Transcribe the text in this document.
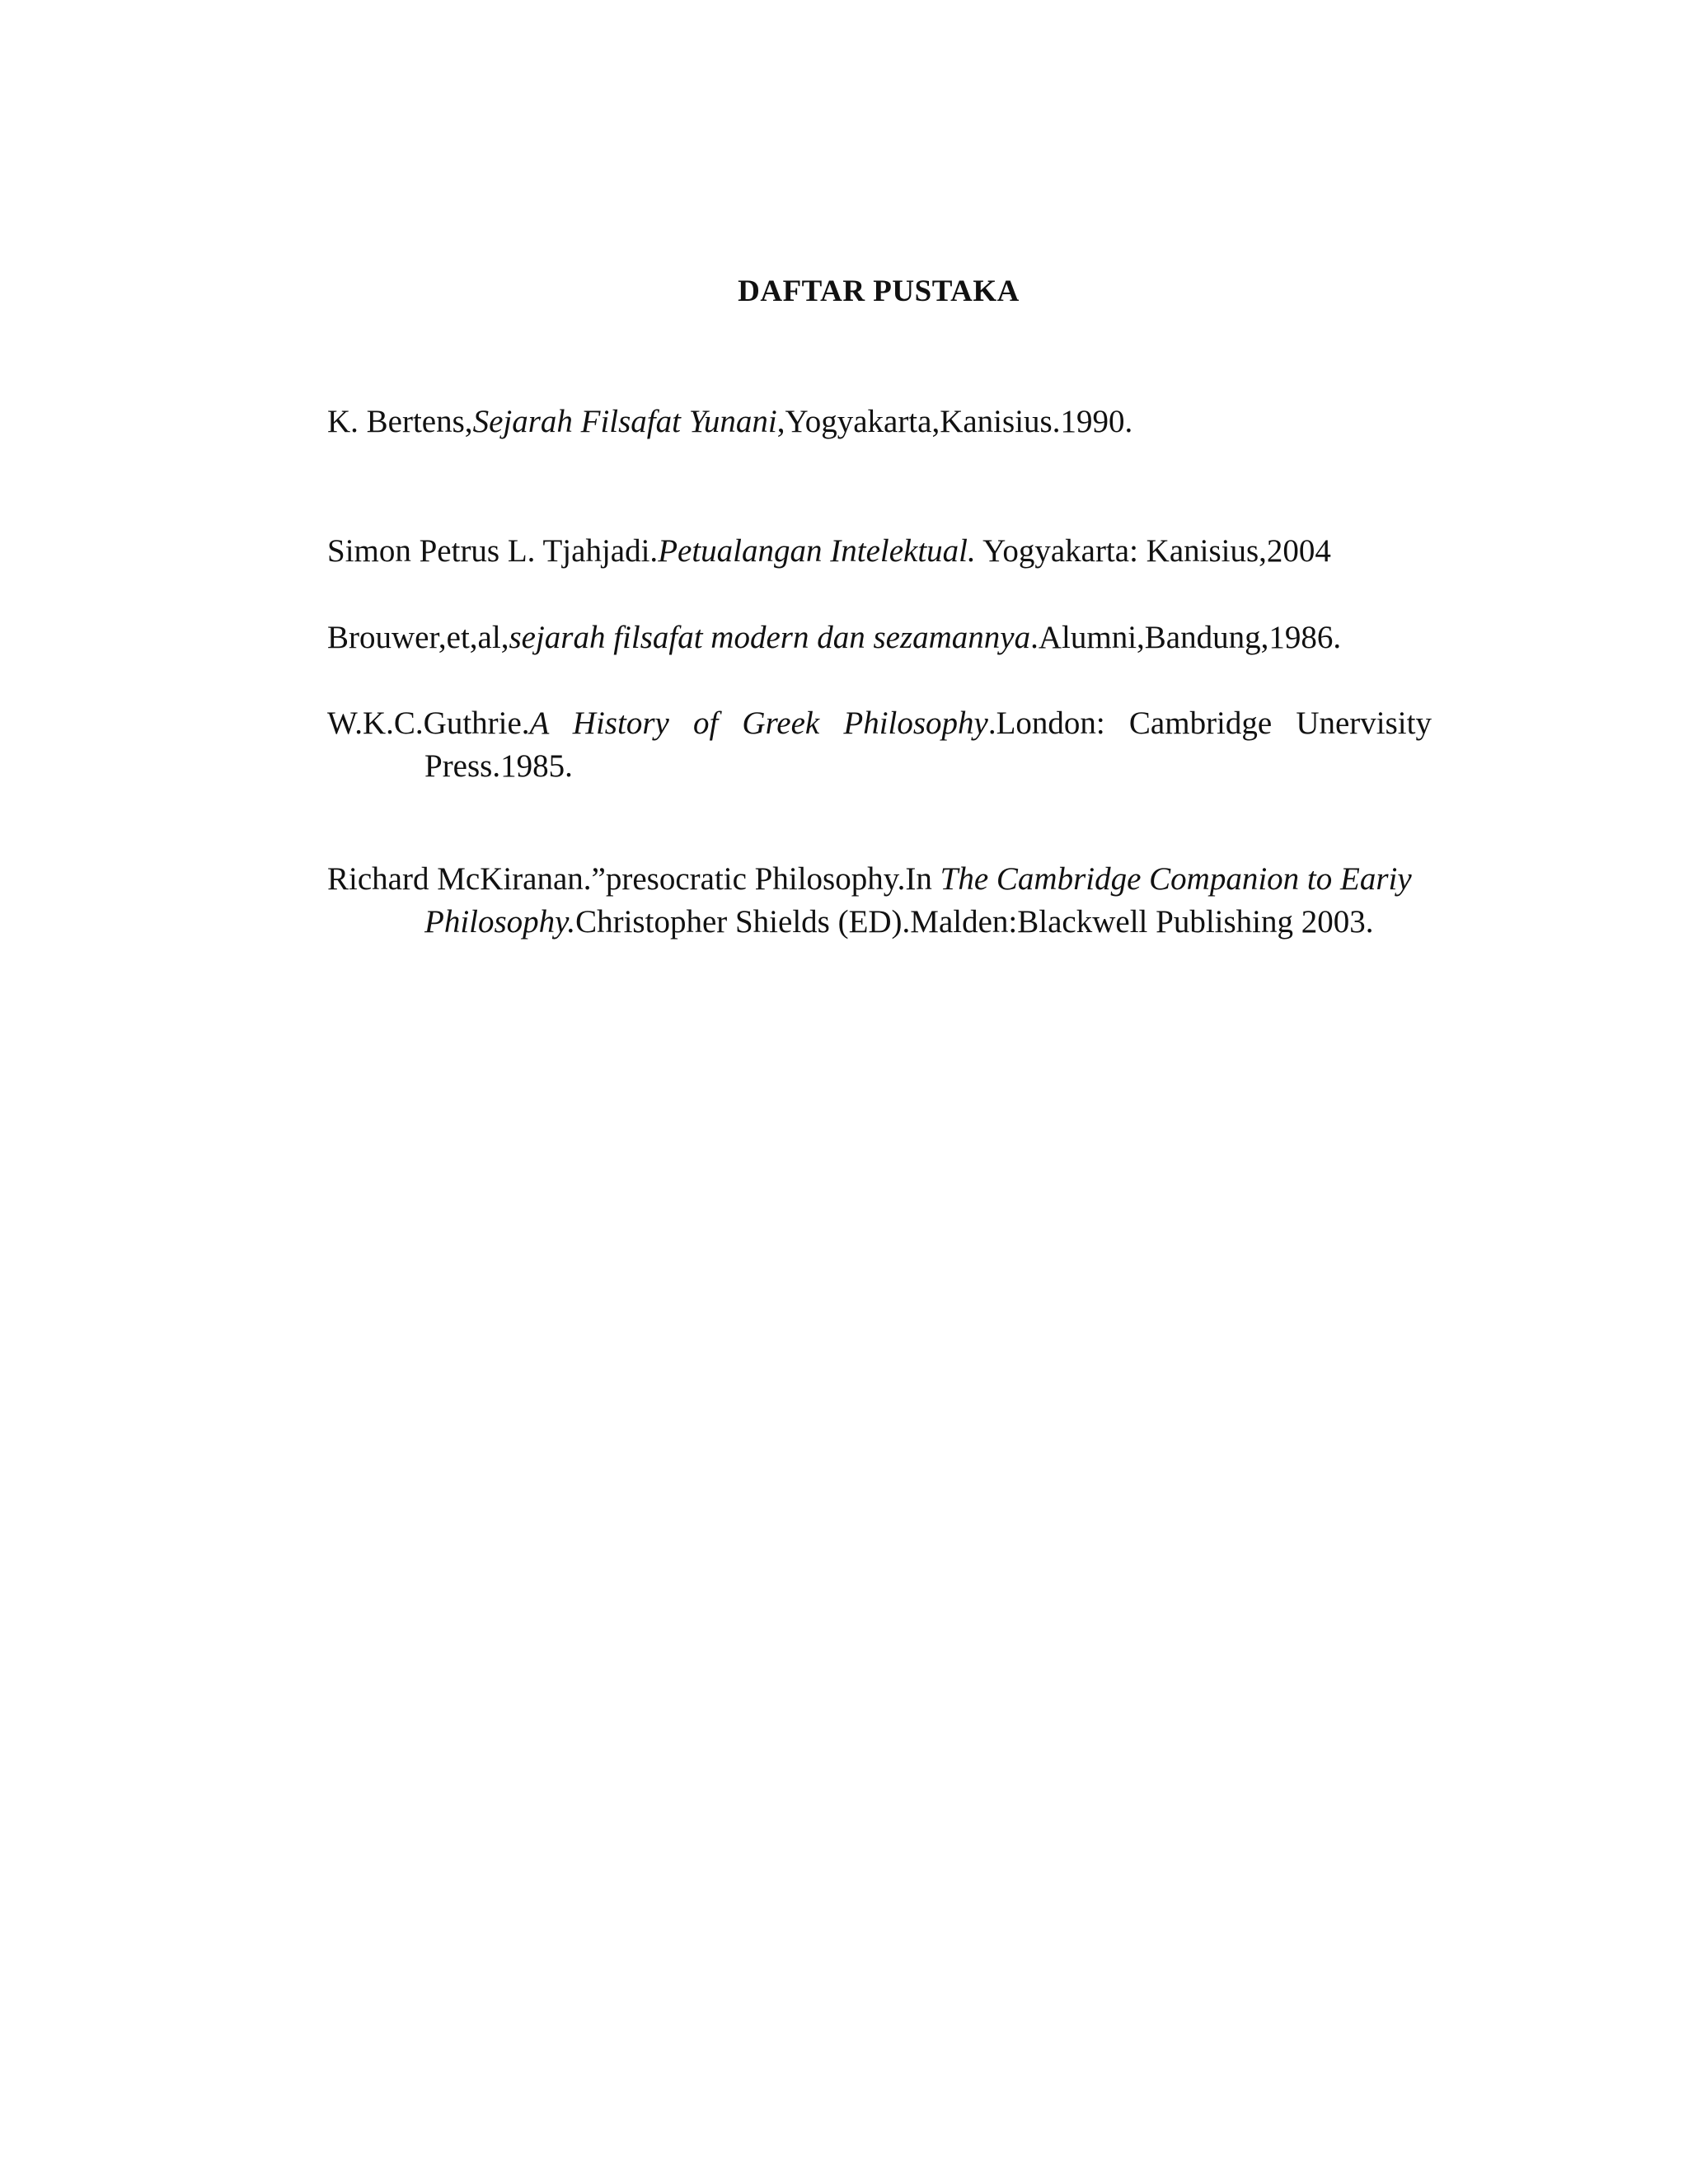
DAFTAR PUSTAKA
K. Bertens,Sejarah Filsafat Yunani,Yogyakarta,Kanisius.1990.
Simon Petrus L. Tjahjadi.Petualangan Intelektual. Yogyakarta: Kanisius,2004
Brouwer,et,al,sejarah filsafat modern dan sezamannya.Alumni,Bandung,1986.
W.K.C.Guthrie.A History of Greek Philosophy.London: Cambridge Unervisity
Press.1985.
Richard McKiranan.”presocratic Philosophy.In The Cambridge Companion to Eariy
Philosophy.Christopher Shields (ED).Malden:Blackwell Publishing 2003.
